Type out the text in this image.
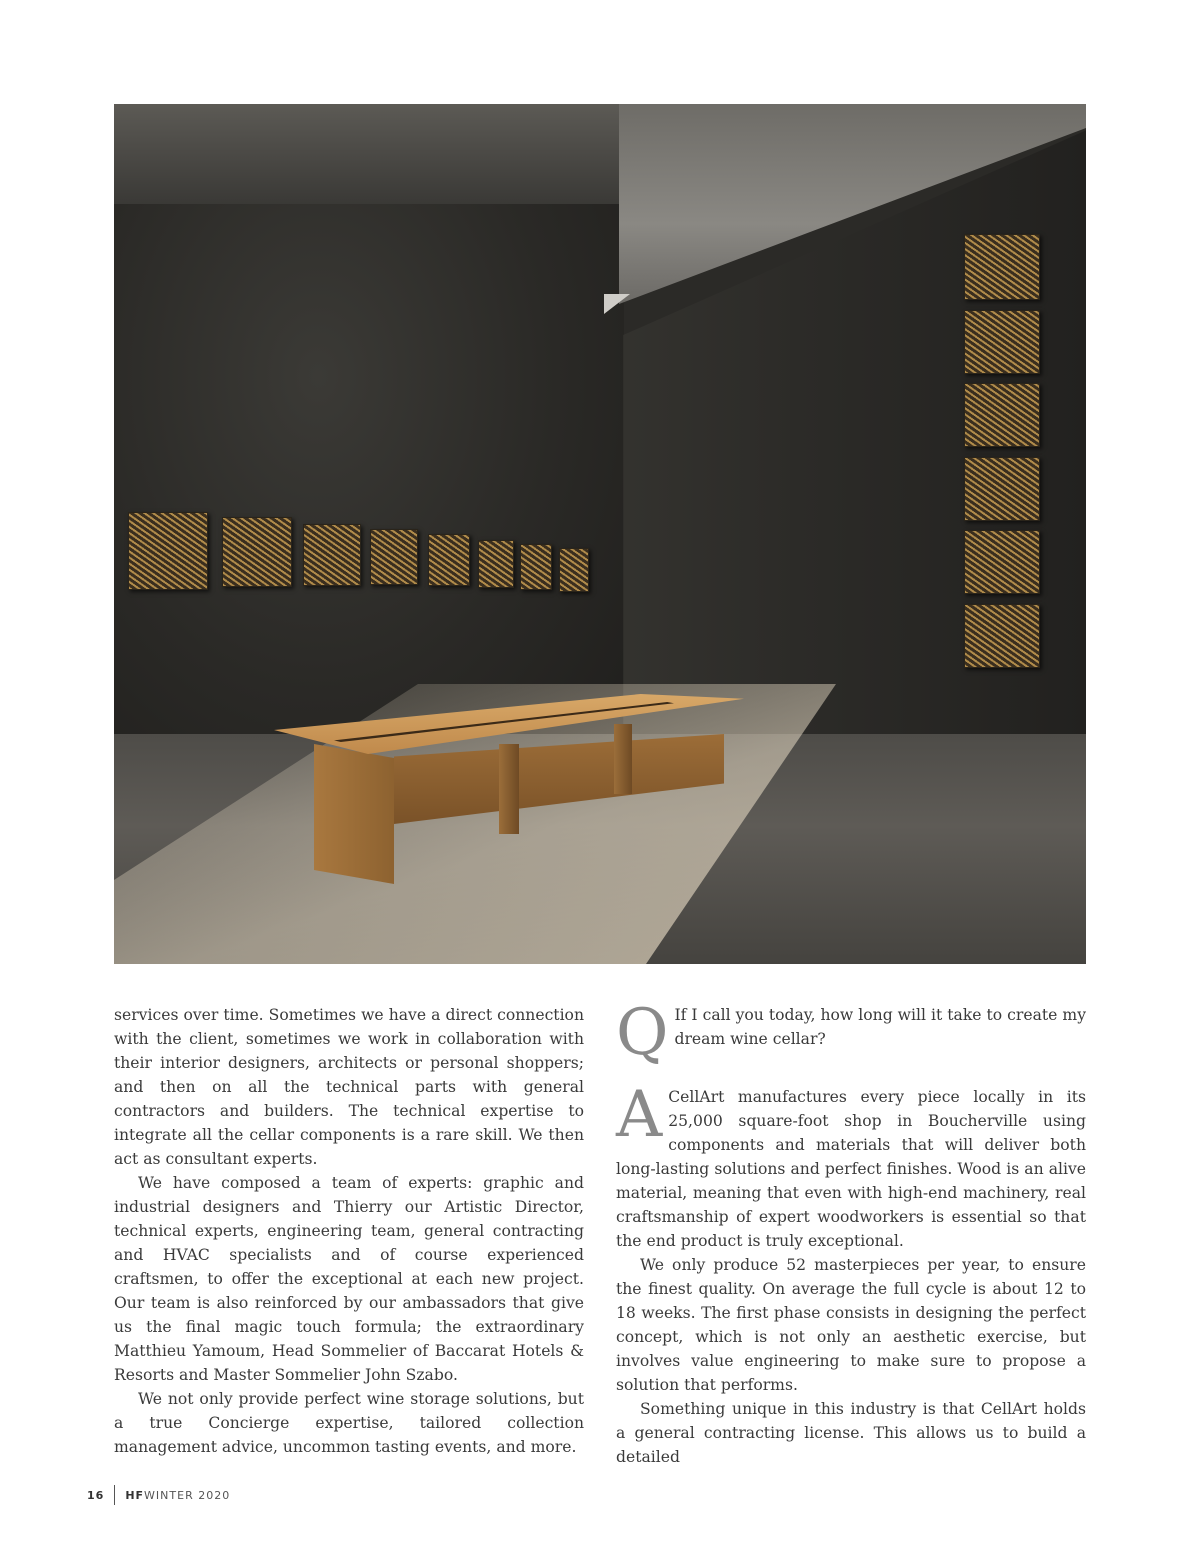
services over time. Sometimes we have a direct connection with the client, sometimes we work in collaboration with their interior designers, architects or personal shoppers; and then on all the technical parts with general contractors and builders. The technical expertise to integrate all the cellar components is a rare skill. We then act as consultant experts.

We have composed a team of experts: graphic and industrial designers and Thierry our Artistic Director, technical experts, engineering team, general contracting and HVAC specialists and of course experienced craftsmen, to offer the exceptional at each new project. Our team is also reinforced by our ambassadors that give us the final magic touch formula; the extraordinary Matthieu Yamoum, Head Sommelier of Baccarat Hotels & Resorts and Master Sommelier John Szabo.

We not only provide perfect wine storage solutions, but a true Concierge expertise, tailored collection management advice, uncommon tasting events, and more.

Q If I call you today, how long will it take to create my dream wine cellar?

A CellArt manufactures every piece locally in its 25,000 square-foot shop in Boucherville using components and materials that will deliver both long-lasting solutions and perfect finishes. Wood is an alive material, meaning that even with high-end machinery, real craftsmanship of expert woodworkers is essential so that the end product is truly exceptional.

We only produce 52 masterpieces per year, to ensure the finest quality. On average the full cycle is about 12 to 18 weeks. The first phase consists in designing the perfect concept, which is not only an aesthetic exercise, but involves value engineering to make sure to propose a solution that performs.

Something unique in this industry is that CellArt holds a general contracting license. This allows us to build a detailed

16 HF WINTER 2020
